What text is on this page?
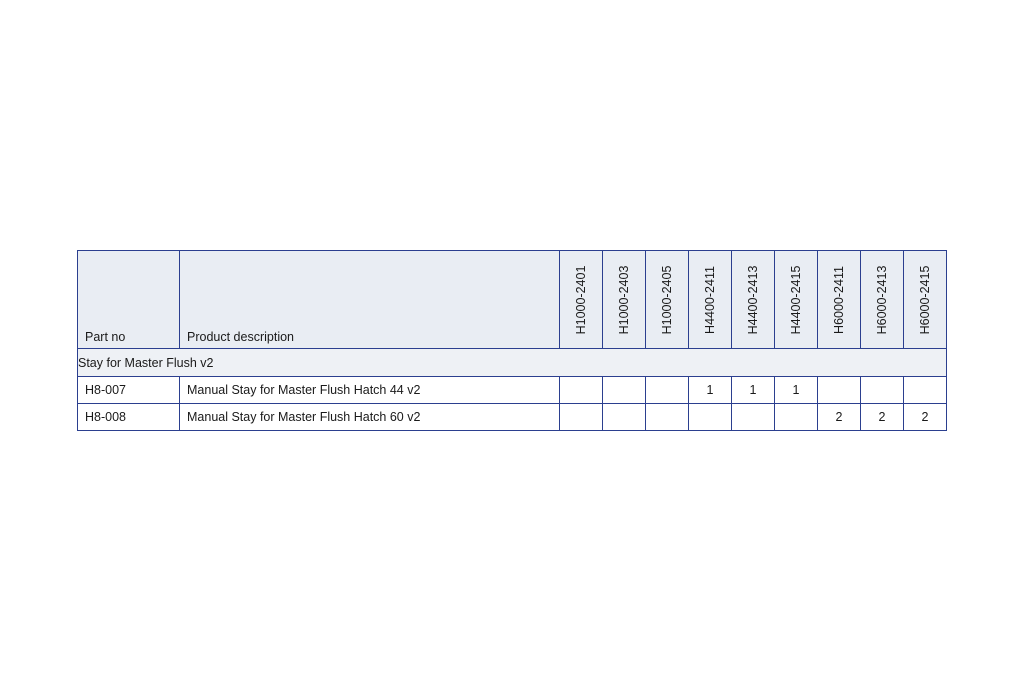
Part no	Product description	H1000-2401	H1000-2403	H1000-2405	H4400-2411	H4400-2413	H4400-2415	H6000-2411	H6000-2413	H6000-2415

Stay for Master Flush v2										
H8-007	Manual Stay for Master Flush Hatch 44 v2				1	1	1			
H8-008	Manual Stay for Master Flush Hatch 60 v2							2	2	2
